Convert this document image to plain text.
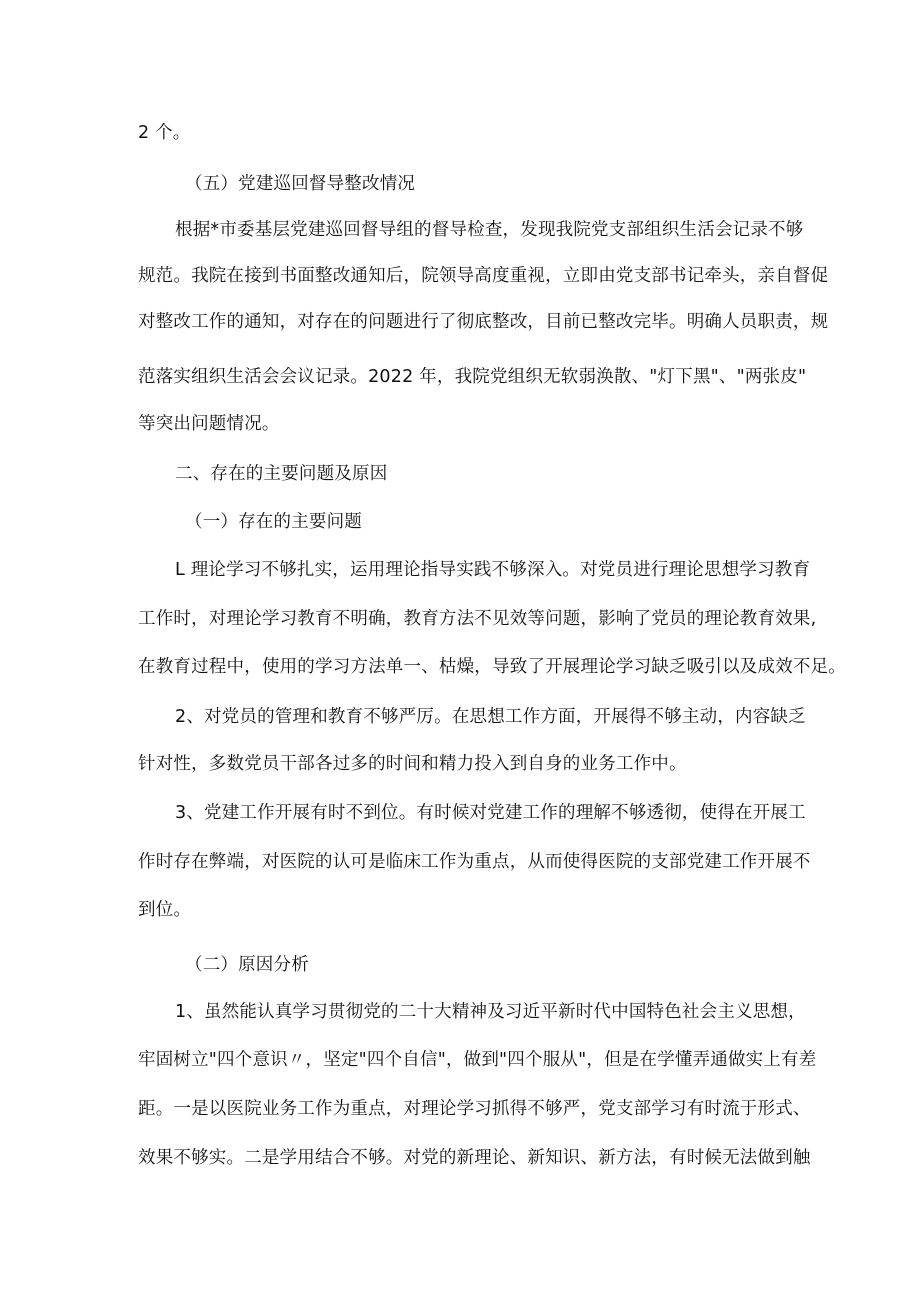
2 个。
（五）党建巡回督导整改情况
根据*市委基层党建巡回督导组的督导检查，发现我院党支部组织生活会记录不够
规范。我院在接到书面整改通知后，院领导高度重视，立即由党支部书记牵头，亲自督促
对整改工作的通知，对存在的问题进行了彻底整改，目前已整改完毕。明确人员职责，规
范落实组织生活会会议记录。2022 年，我院党组织无软弱涣散、"灯下黑"、"两张皮"
等突出问题情况。
二、存在的主要问题及原因
（一）存在的主要问题
L 理论学习不够扎实，运用理论指导实践不够深入。对党员进行理论思想学习教育
工作时，对理论学习教育不明确，教育方法不见效等问题，影响了党员的理论教育效果,
在教育过程中，使用的学习方法单一、枯燥，导致了开展理论学习缺乏吸引以及成效不足。
2、对党员的管理和教育不够严厉。在思想工作方面，开展得不够主动，内容缺乏
针对性，多数党员干部各过多的时间和精力投入到自身的业务工作中。
3、党建工作开展有时不到位。有时候对党建工作的理解不够透彻，使得在开展工
作时存在弊端，对医院的认可是临床工作为重点，从而使得医院的支部党建工作开展不
到位。
（二）原因分析
1、虽然能认真学习贯彻党的二十大精神及习近平新时代中国特色社会主义思想，
牢固树立"四个意识〃，坚定"四个自信"，做到"四个服从"，但是在学懂弄通做实上有差
距。一是以医院业务工作为重点，对理论学习抓得不够严，党支部学习有时流于形式、
效果不够实。二是学用结合不够。对党的新理论、新知识、新方法，有时候无法做到触
